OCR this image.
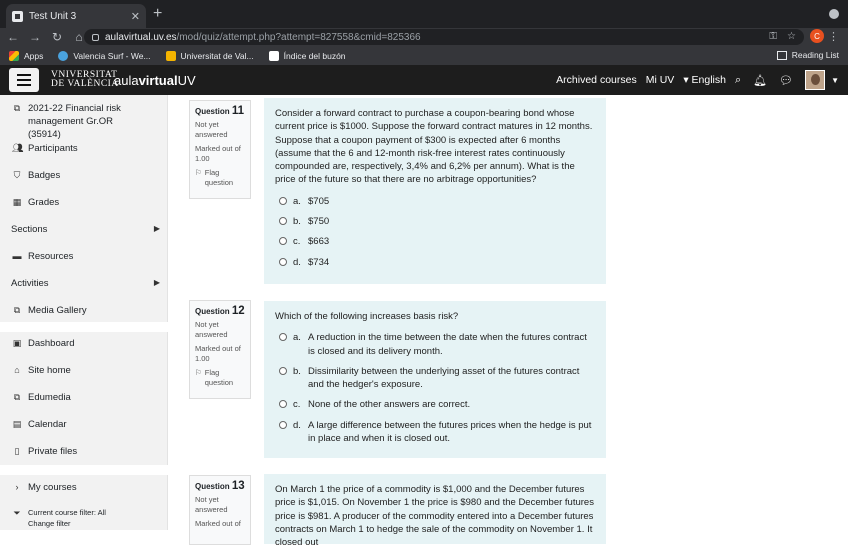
Test Unit 3	✕ +
← → ↻	⌂	aulavirtual.uv.es /mod/quiz/attempt.php?attempt=827558&cmid=825366	⚿ ☆	C ⋮
Apps	Valencia Surf - We...	Universitat de Val...	Índice del buzón	Reading List
VNIVERSITAT
DE VALÈNCIA
aulavirtualUV	Archived courses Mi UV ▾ English ⌕ 🔔︎ 💬︎	▼
⧉ 2021-22 Financial risk management Gr.OR (35914)
👥︎ Participants
⛉ Badges
▦ Grades
Sections	▶
▬ Resources
Activities	▶
⧉ Media Gallery
▣ Dashboard
⌂ Site home
⧉ Edumedia
▤ Calendar
▯ Private files
›	My courses
⏷ Current course filter: All
Change filter
Question 11
Not yet answered
Marked out of 1.00
⚐ Flag question
Consider a forward contract to purchase a coupon-bearing bond whose current price is $1000. Suppose the forward contract matures in 12 months. Suppose that a coupon payment of $300 is expected after 6 months (assume that the 6 and 12-month risk-free interest rates continuously compounded are, respectively, 3,4% and 6,2% per annum). What is the price of the future so that there are no arbitrage opportunities?
a. $705
b. $750
c. $663
d. $734
Question 12
Not yet answered
Marked out of 1.00
⚐ Flag question
Which of the following increases basis risk?
a. A reduction in the time between the date when the futures contract is closed and its delivery month.
b. Dissimilarity between the underlying asset of the futures contract and the hedger's exposure.
c. None of the other answers are correct.
d. A large difference between the futures prices when the hedge is put in place and when it is closed out.
Question 13
Not yet answered
Marked out of
On March 1 the price of a commodity is $1,000 and the December futures price is $1,015. On November 1 the price is $980 and the December futures price is $981. A producer of the commodity entered into a December futures contracts on March 1 to hedge the sale of the commodity on November 1. It closed out
